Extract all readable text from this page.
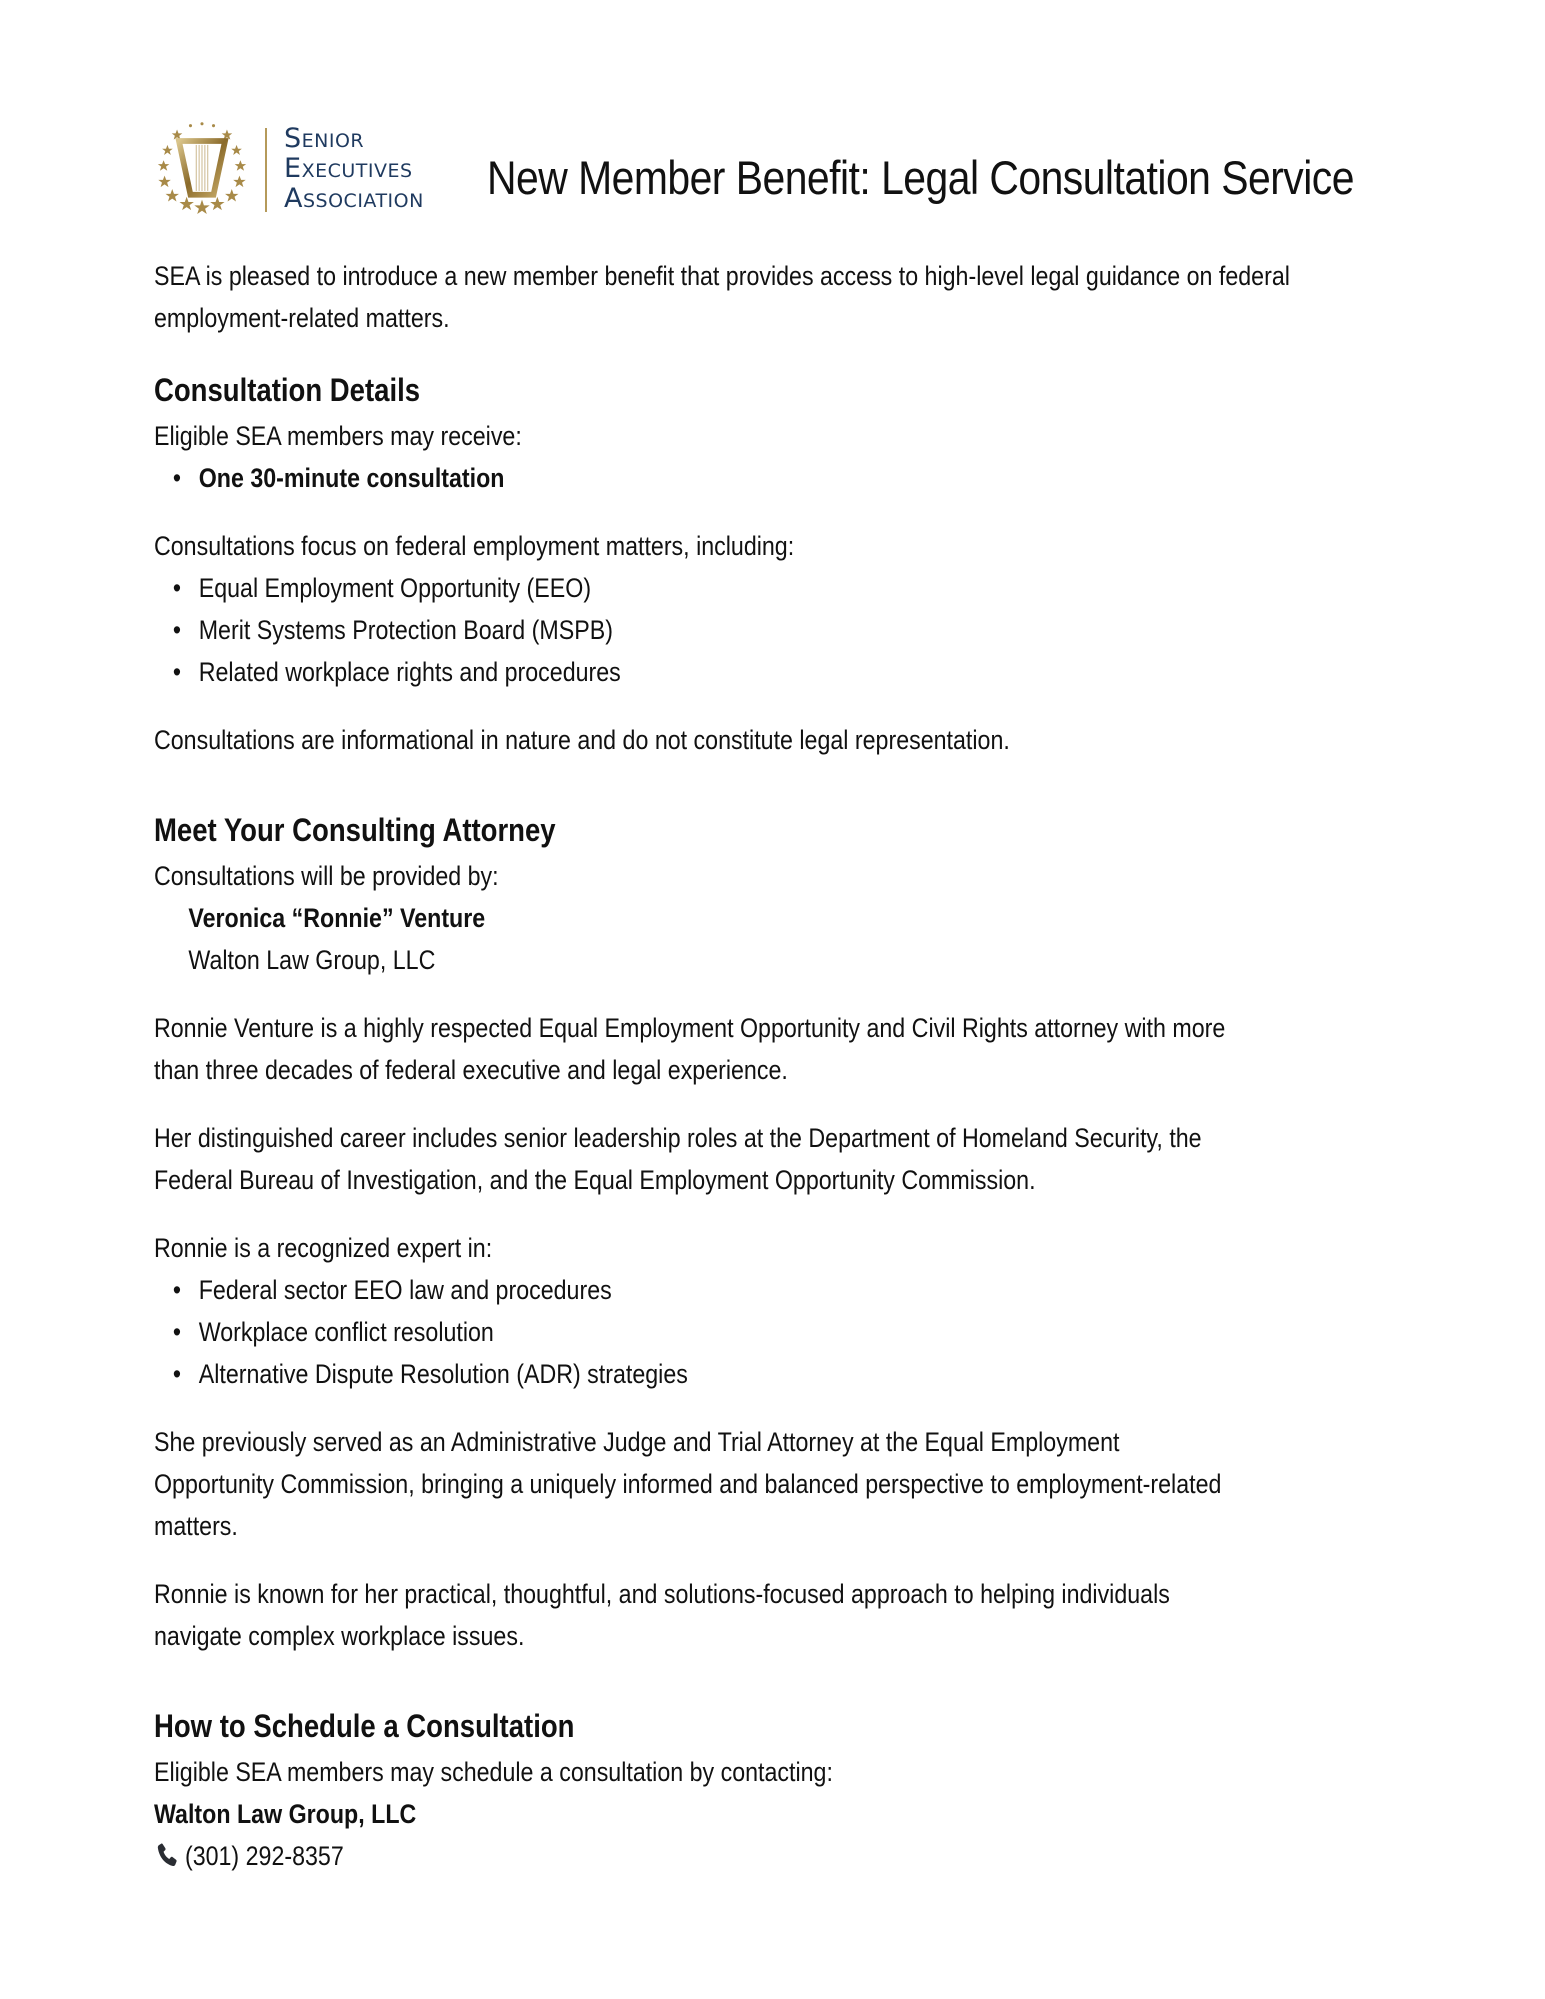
SENIOR
EXECUTIVES
ASSOCIATION New Member Benefit: Legal Consultation Service

SEA is pleased to introduce a new member benefit that provides access to high-level legal guidance on federal employment-related matters.

Consultation Details

Eligible SEA members may receive:

• One 30-minute consultation

Consultations focus on federal employment matters, including:

• Equal Employment Opportunity (EEO)
• Merit Systems Protection Board (MSPB)
• Related workplace rights and procedures

Consultations are informational in nature and do not constitute legal representation.

Meet Your Consulting Attorney

Consultations will be provided by:

Veronica “Ronnie” Venture

Walton Law Group, LLC

Ronnie Venture is a highly respected Equal Employment Opportunity and Civil Rights attorney with more than three decades of federal executive and legal experience.

Her distinguished career includes senior leadership roles at the Department of Homeland Security, the Federal Bureau of Investigation, and the Equal Employment Opportunity Commission.

Ronnie is a recognized expert in:

• Federal sector EEO law and procedures
• Workplace conflict resolution
• Alternative Dispute Resolution (ADR) strategies

She previously served as an Administrative Judge and Trial Attorney at the Equal Employment Opportunity Commission, bringing a uniquely informed and balanced perspective to employment-related matters.

Ronnie is known for her practical, thoughtful, and solutions-focused approach to helping individuals navigate complex workplace issues.

How to Schedule a Consultation

Eligible SEA members may schedule a consultation by contacting:

Walton Law Group, LLC

(301) 292-8357
